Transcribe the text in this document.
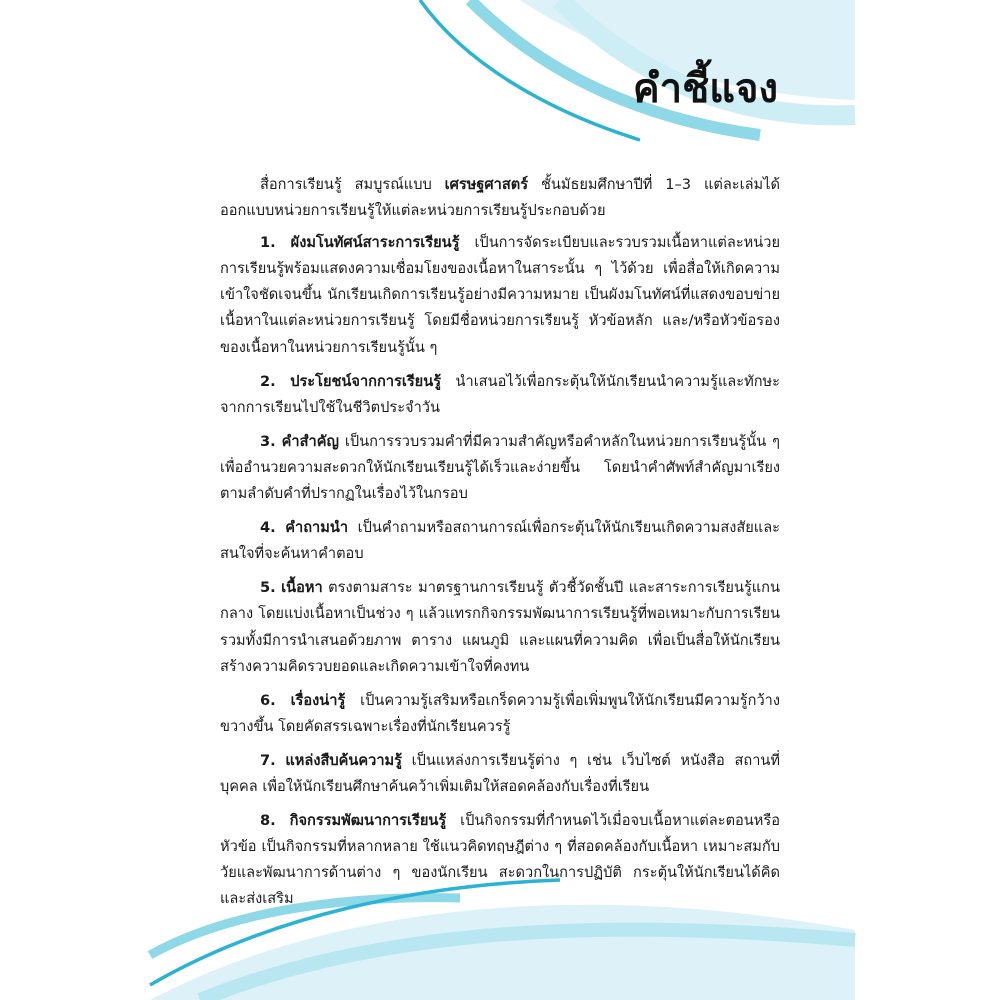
คำชี้แจง

สื่อการเรียนรู้ สมบูรณ์แบบ เศรษฐศาสตร์ ชั้นมัธยมศึกษาปีที่ 1–3 แต่ละเล่มได้ออกแบบหน่วยการเรียนรู้ให้แต่ละหน่วยการเรียนรู้ประกอบด้วย

1. ผังมโนทัศน์สาระการเรียนรู้ เป็นการจัดระเบียบและรวบรวมเนื้อหาแต่ละหน่วยการเรียนรู้พร้อมแสดงความเชื่อมโยงของเนื้อหาในสาระนั้น ๆ ไว้ด้วย เพื่อสื่อให้เกิดความเข้าใจชัดเจนขึ้น นักเรียนเกิดการเรียนรู้อย่างมีความหมาย เป็นผังมโนทัศน์ที่แสดงขอบข่ายเนื้อหาในแต่ละหน่วยการเรียนรู้ โดยมีชื่อหน่วยการเรียนรู้ หัวข้อหลัก และ/หรือหัวข้อรองของเนื้อหาในหน่วยการเรียนรู้นั้น ๆ

2. ประโยชน์จากการเรียนรู้ นำเสนอไว้เพื่อกระตุ้นให้นักเรียนนำความรู้และทักษะจากการเรียนไปใช้ในชีวิตประจำวัน

3. คำสำคัญ เป็นการรวบรวมคำที่มีความสำคัญหรือคำหลักในหน่วยการเรียนรู้นั้น ๆ เพื่ออำนวยความสะดวกให้นักเรียนเรียนรู้ได้เร็วและง่ายขึ้น โดยนำคำศัพท์สำคัญมาเรียงตามลำดับคำที่ปรากฏในเรื่องไว้ในกรอบ

4. คำถามนำ เป็นคำถามหรือสถานการณ์เพื่อกระตุ้นให้นักเรียนเกิดความสงสัยและสนใจที่จะค้นหาคำตอบ

5. เนื้อหา ตรงตามสาระ มาตรฐานการเรียนรู้ ตัวชี้วัดชั้นปี และสาระการเรียนรู้แกนกลาง โดยแบ่งเนื้อหาเป็นช่วง ๆ แล้วแทรกกิจกรรมพัฒนาการเรียนรู้ที่พอเหมาะกับการเรียน รวมทั้งมีการนำเสนอด้วยภาพ ตาราง แผนภูมิ และแผนที่ความคิด เพื่อเป็นสื่อให้นักเรียนสร้างความคิดรวบยอดและเกิดความเข้าใจที่คงทน

6. เรื่องน่ารู้ เป็นความรู้เสริมหรือเกร็ดความรู้เพื่อเพิ่มพูนให้นักเรียนมีความรู้กว้างขวางขึ้น โดยคัดสรรเฉพาะเรื่องที่นักเรียนควรรู้

7. แหล่งสืบค้นความรู้ เป็นแหล่งการเรียนรู้ต่าง ๆ เช่น เว็บไซต์ หนังสือ สถานที่ บุคคล เพื่อให้นักเรียนศึกษาค้นคว้าเพิ่มเติมให้สอดคล้องกับเรื่องที่เรียน

8. กิจกรรมพัฒนาการเรียนรู้ เป็นกิจกรรมที่กำหนดไว้เมื่อจบเนื้อหาแต่ละตอนหรือหัวข้อ เป็นกิจกรรมที่หลากหลาย ใช้แนวคิดทฤษฎีต่าง ๆ ที่สอดคล้องกับเนื้อหา เหมาะสมกับวัยและพัฒนาการด้านต่าง ๆ ของนักเรียน สะดวกในการปฏิบัติ กระตุ้นให้นักเรียนได้คิด และส่งเสริม
